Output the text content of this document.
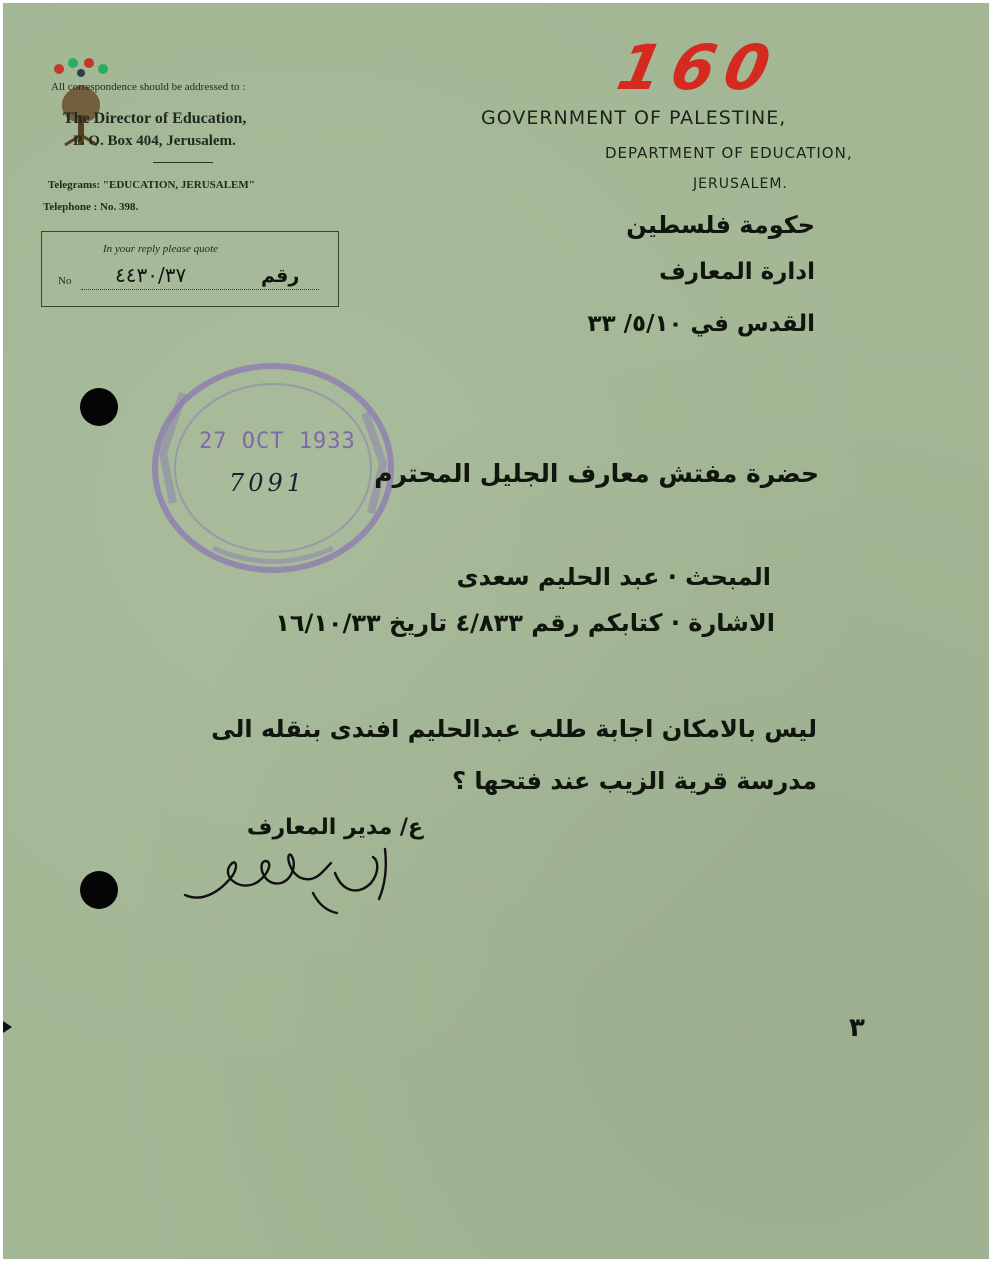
All correspondence should be addressed to :
The Director of Education,
P. O. Box 404, Jerusalem.
Telegrams: "EDUCATION, JERUSALEM"
Telephone : No. 398.
In your reply please quote
No ٤٤٣٠/٣٧	رقم
160
GOVERNMENT OF PALESTINE,
DEPARTMENT OF EDUCATION,
JERUSALEM.
حكومة فلسطين
ادارة المعارف
القدس في ٥/١٠/ ٣٣
27 OCT 1933
7091	حضرة مفتش معارف الجليل المحترم
المبحث · عبد الحليم سعدى
الاشارة · كتابكم رقم ٤/٨٣٣ تاريخ ١٦/١٠/٣٣
ليس بالامكان اجابة طلب عبدالحليم افندى بنقله الى
مدرسة قرية الزيب عند فتحها ؟
ع/ مدير المعارف
٣
